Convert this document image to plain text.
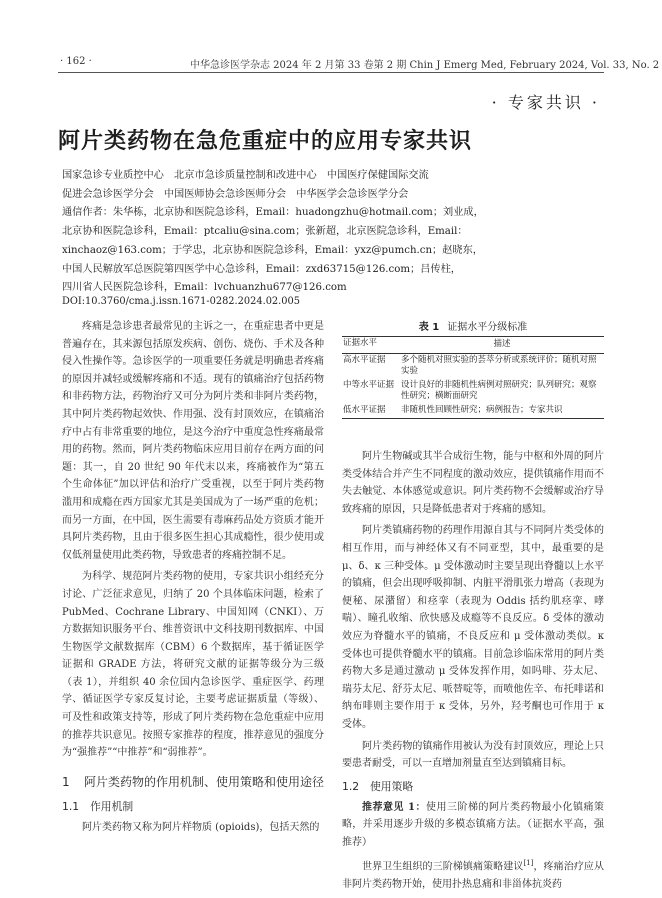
· 162 ·	中华急诊医学杂志 2024 年 2 月第 33 卷第 2 期 Chin J Emerg Med, February 2024, Vol. 33, No. 2
· 专家共识 ·
阿片类药物在急危重症中的应用专家共识
国家急诊专业质控中心　北京市急诊质量控制和改进中心　中国医疗保健国际交流
促进会急诊医学分会　中国医师协会急诊医师分会　中华医学会急诊医学分会
通信作者：朱华栋，北京协和医院急诊科，Email：huadongzhu@hotmail.com；刘业成，
北京协和医院急诊科，Email：ptcaliu@sina.com；张新超，北京医院急诊科，Email：
xinchaoz@163.com；于学忠，北京协和医院急诊科，Email：yxz@pumch.cn；赵晓东，
中国人民解放军总医院第四医学中心急诊科，Email：zxd63715@126.com；吕传柱，
四川省人民医院急诊科，Email：lvchuanzhu677@126.com
DOI:10.3760/cma.j.issn.1671-0282.2024.02.005

疼痛是急诊患者最常见的主诉之一，在重症患者中更是普遍存在，其来源包括原发疾病、创伤、烧伤、手术及各种侵入性操作等。急诊医学的一项重要任务就是明确患者疼痛的原因并减轻或缓解疼痛和不适。现有的镇痛治疗包括药物和非药物方法，药物治疗又可分为阿片类和非阿片类药物，其中阿片类药物起效快、作用强、没有封顶效应，在镇痛治疗中占有非常重要的地位，是这今治疗中重度急性疼痛最常用的药物。然而，阿片类药物临床应用目前存在两方面的问题：其一，自 20 世纪 90 年代末以来，疼痛被作为“第五个生命体征”加以评估和治疗广受重视，以至于阿片类药物滥用和成瘾在西方国家尤其是美国成为了一场严重的危机；而另一方面，在中国，医生需要有毒麻药品处方资质才能开具阿片类药物，且由于很多医生担心其成瘾性，很少使用或仅低剂量使用此类药物，导致患者的疼痛控制不足。

为科学、规范阿片类药物的使用，专家共识小组经充分讨论、广泛征求意见，归纳了 20 个具体临床问题，检索了 PubMed、Cochrane Library、中国知网（CNKI）、万方数据知识服务平台、维普资讯中文科技期刊数据库、中国生物医学文献数据库（CBM）6 个数据库，基于循证医学证据和 GRADE 方法，将研究文献的证据等级分为三级（表 1），并组织 40 余位国内急诊医学、重症医学、药理学、循证医学专家反复讨论，主要考虑证据质量（等级）、可及性和政策支持等，形成了阿片类药物在急危重症中应用的推荐共识意见。按照专家推荐的程度，推荐意见的强度分为“强推荐”“中推荐”和“弱推荐”。

1	阿片类药物的作用机制、使用策略和使用途径
1.1	作用机制

阿片类药物又称为阿片样物质 (opioids)，包括天然的

表 1 证据水平分级标准
证据水平	描述
高水平证据	多个随机对照实验的荟萃分析或系统评价；随机对照实验
中等水平证据	设计良好的非随机性病例对照研究；队列研究；观察性研究；横断面研究
低水平证据	非随机性回顾性研究；病例报告；专家共识

阿片生物碱或其半合成衍生物，能与中枢和外周的阿片类受体结合并产生不同程度的激动效应，提供镇痛作用而不失去触觉、本体感觉或意识。阿片类药物不会缓解或治疗导致疼痛的原因，只是降低患者对于疼痛的感知。

阿片类镇痛药物的药理作用源自其与不同阿片类受体的相互作用，而与神经体又有不同亚型，其中，最重要的是 μ、δ、κ 三种受体。μ 受体激动时主要呈现出脊髓以上水平的镇痛，但会出现呼吸抑制、内脏平滑肌张力增高（表现为便秘、尿潴留）和痉挛（表现为 Oddis 括约肌痉挛、哮喘）、瞳孔收缩、欣快感及成瘾等不良反应。δ 受体的激动效应为脊髓水平的镇痛，不良反应和 μ 受体激动类似。κ 受体也可提供脊髓水平的镇痛。目前急诊临床常用的阿片类药物大多是通过激动 μ 受体发挥作用，如吗啡、芬太尼、瑞芬太尼、舒芬太尼、哌替啶等，而喷他佐辛、布托啡诺和纳布啡则主要作用于 κ 受体，另外，羟考酮也可作用于 κ 受体。

阿片类药物的镇痛作用被认为没有封顶效应，理论上只要患者耐受，可以一直增加剂量直至达到镇痛目标。

1.2	使用策略

推荐意见 1：使用三阶梯的阿片类药物最小化镇痛策略，并采用逐步升级的多模态镇痛方法。（证据水平高，强推荐）

世界卫生组织的三阶梯镇痛策略建议[1]，疼痛治疗应从非阿片类药物开始，使用扑热息痛和非甾体抗炎药
